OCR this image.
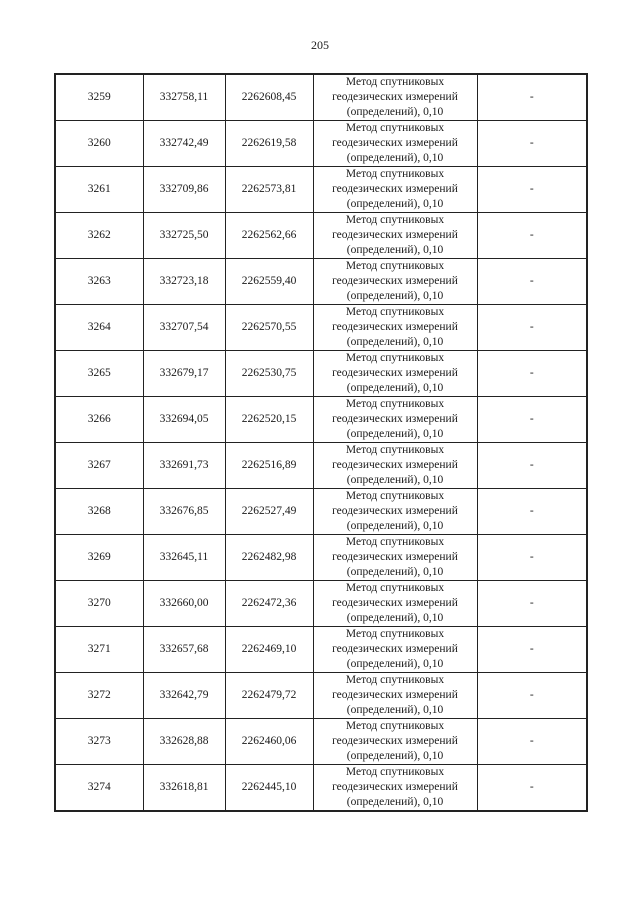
205
3259	332758,11	2262608,45	Метод спутниковых
геодезических измерений
(определений), 0,10	-
3260	332742,49	2262619,58	Метод спутниковых
геодезических измерений
(определений), 0,10	-
3261	332709,86	2262573,81	Метод спутниковых
геодезических измерений
(определений), 0,10	-
3262	332725,50	2262562,66	Метод спутниковых
геодезических измерений
(определений), 0,10	-
3263	332723,18	2262559,40	Метод спутниковых
геодезических измерений
(определений), 0,10	-
3264	332707,54	2262570,55	Метод спутниковых
геодезических измерений
(определений), 0,10	-
3265	332679,17	2262530,75	Метод спутниковых
геодезических измерений
(определений), 0,10	-
3266	332694,05	2262520,15	Метод спутниковых
геодезических измерений
(определений), 0,10	-
3267	332691,73	2262516,89	Метод спутниковых
геодезических измерений
(определений), 0,10	-
3268	332676,85	2262527,49	Метод спутниковых
геодезических измерений
(определений), 0,10	-
3269	332645,11	2262482,98	Метод спутниковых
геодезических измерений
(определений), 0,10	-
3270	332660,00	2262472,36	Метод спутниковых
геодезических измерений
(определений), 0,10	-
3271	332657,68	2262469,10	Метод спутниковых
геодезических измерений
(определений), 0,10	-
3272	332642,79	2262479,72	Метод спутниковых
геодезических измерений
(определений), 0,10	-
3273	332628,88	2262460,06	Метод спутниковых
геодезических измерений
(определений), 0,10	-
3274	332618,81	2262445,10	Метод спутниковых
геодезических измерений
(определений), 0,10	-
